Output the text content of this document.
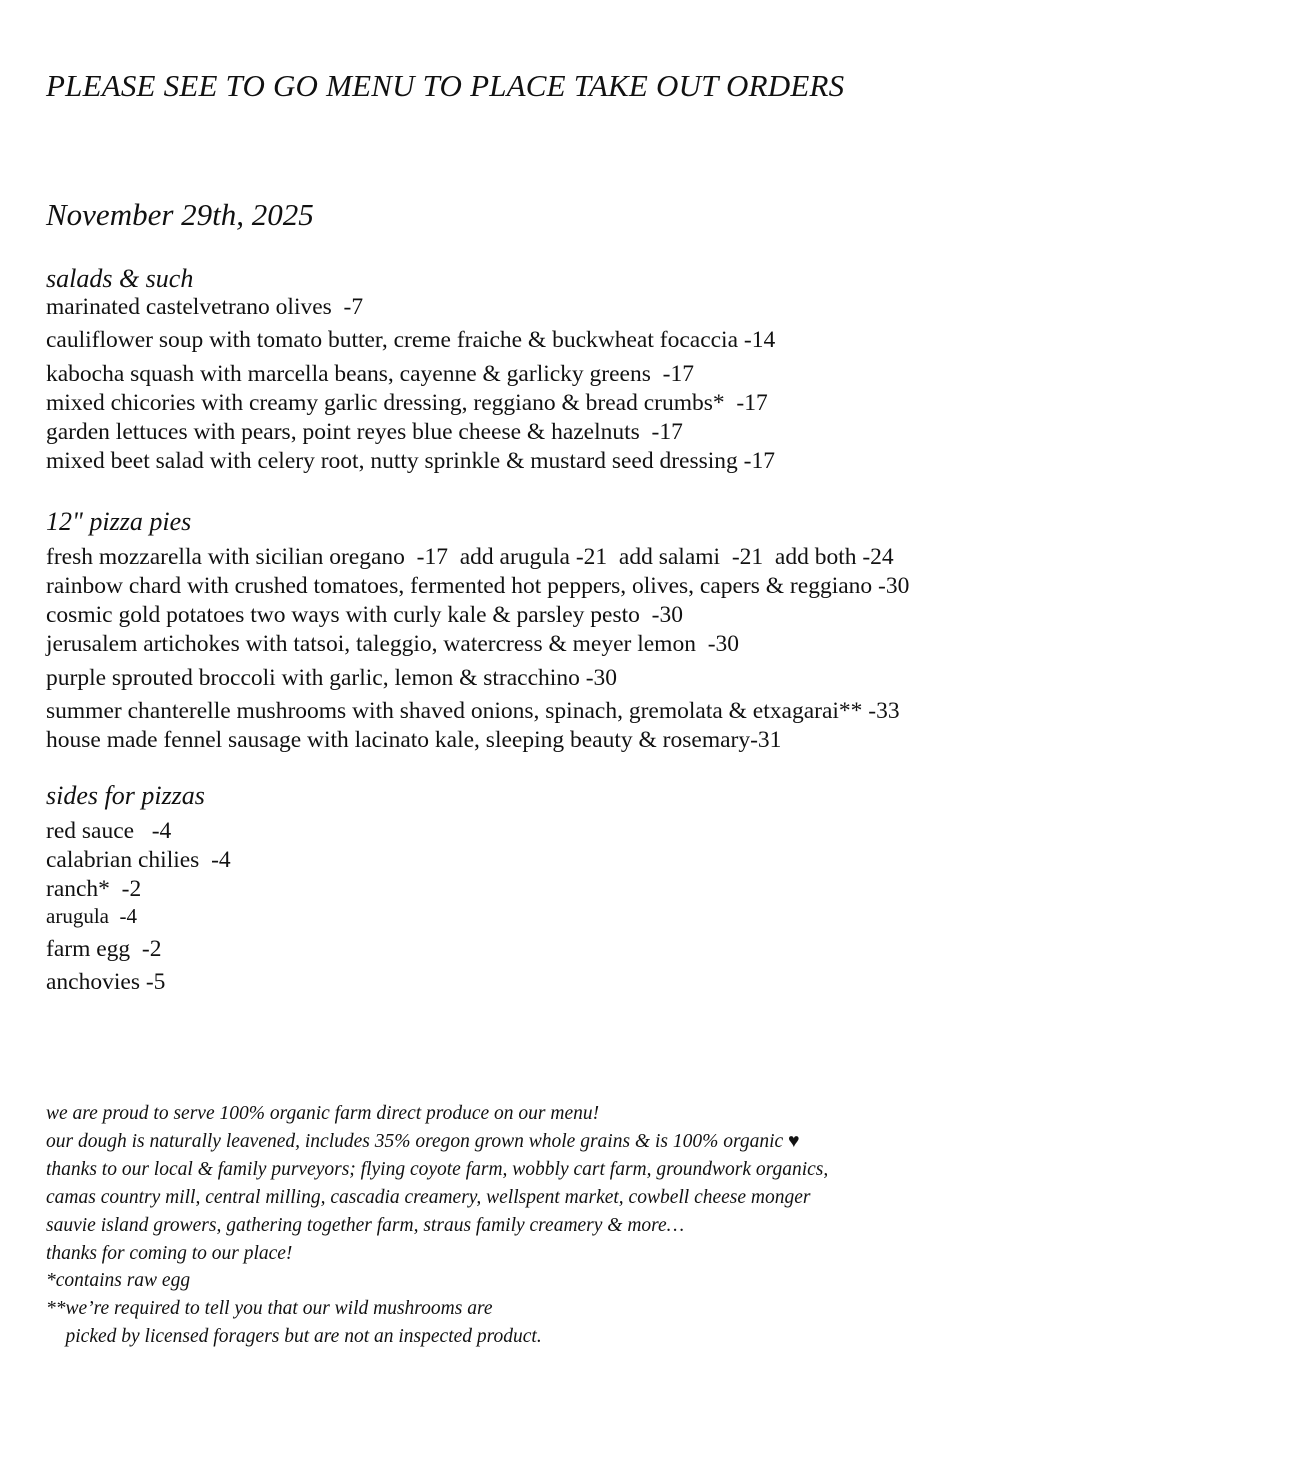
PLEASE SEE TO GO MENU TO PLACE TAKE OUT ORDERS
November 29th, 2025
salads & such
marinated castelvetrano olives  -7
cauliflower soup with tomato butter, creme fraiche & buckwheat focaccia -14
kabocha squash with marcella beans, cayenne & garlicky greens  -17
mixed chicories with creamy garlic dressing, reggiano & bread crumbs*  -17
garden lettuces with pears, point reyes blue cheese & hazelnuts  -17
mixed beet salad with celery root, nutty sprinkle & mustard seed dressing -17
12" pizza pies
fresh mozzarella with sicilian oregano  -17  add arugula -21  add salami  -21  add both -24
rainbow chard with crushed tomatoes, fermented hot peppers, olives, capers & reggiano -30
cosmic gold potatoes two ways with curly kale & parsley pesto  -30
jerusalem artichokes with tatsoi, taleggio, watercress & meyer lemon  -30
purple sprouted broccoli with garlic, lemon & stracchino -30
summer chanterelle mushrooms with shaved onions, spinach, gremolata & etxagarai** -33
house made fennel sausage with lacinato kale, sleeping beauty & rosemary-31
sides for pizzas
red sauce   -4
calabrian chilies  -4
ranch*  -2
arugula  -4
farm egg  -2
anchovies -5
we are proud to serve 100% organic farm direct produce on our menu!
our dough is naturally leavened, includes 35% oregon grown whole grains & is 100% organic ♥
thanks to our local & family purveyors; flying coyote farm, wobbly cart farm, groundwork organics,
camas country mill, central milling, cascadia creamery, wellspent market, cowbell cheese monger
sauvie island growers, gathering together farm, straus family creamery & more…
thanks for coming to our place!
*contains raw egg
**we’re required to tell you that our wild mushrooms are
picked by licensed foragers but are not an inspected product.
